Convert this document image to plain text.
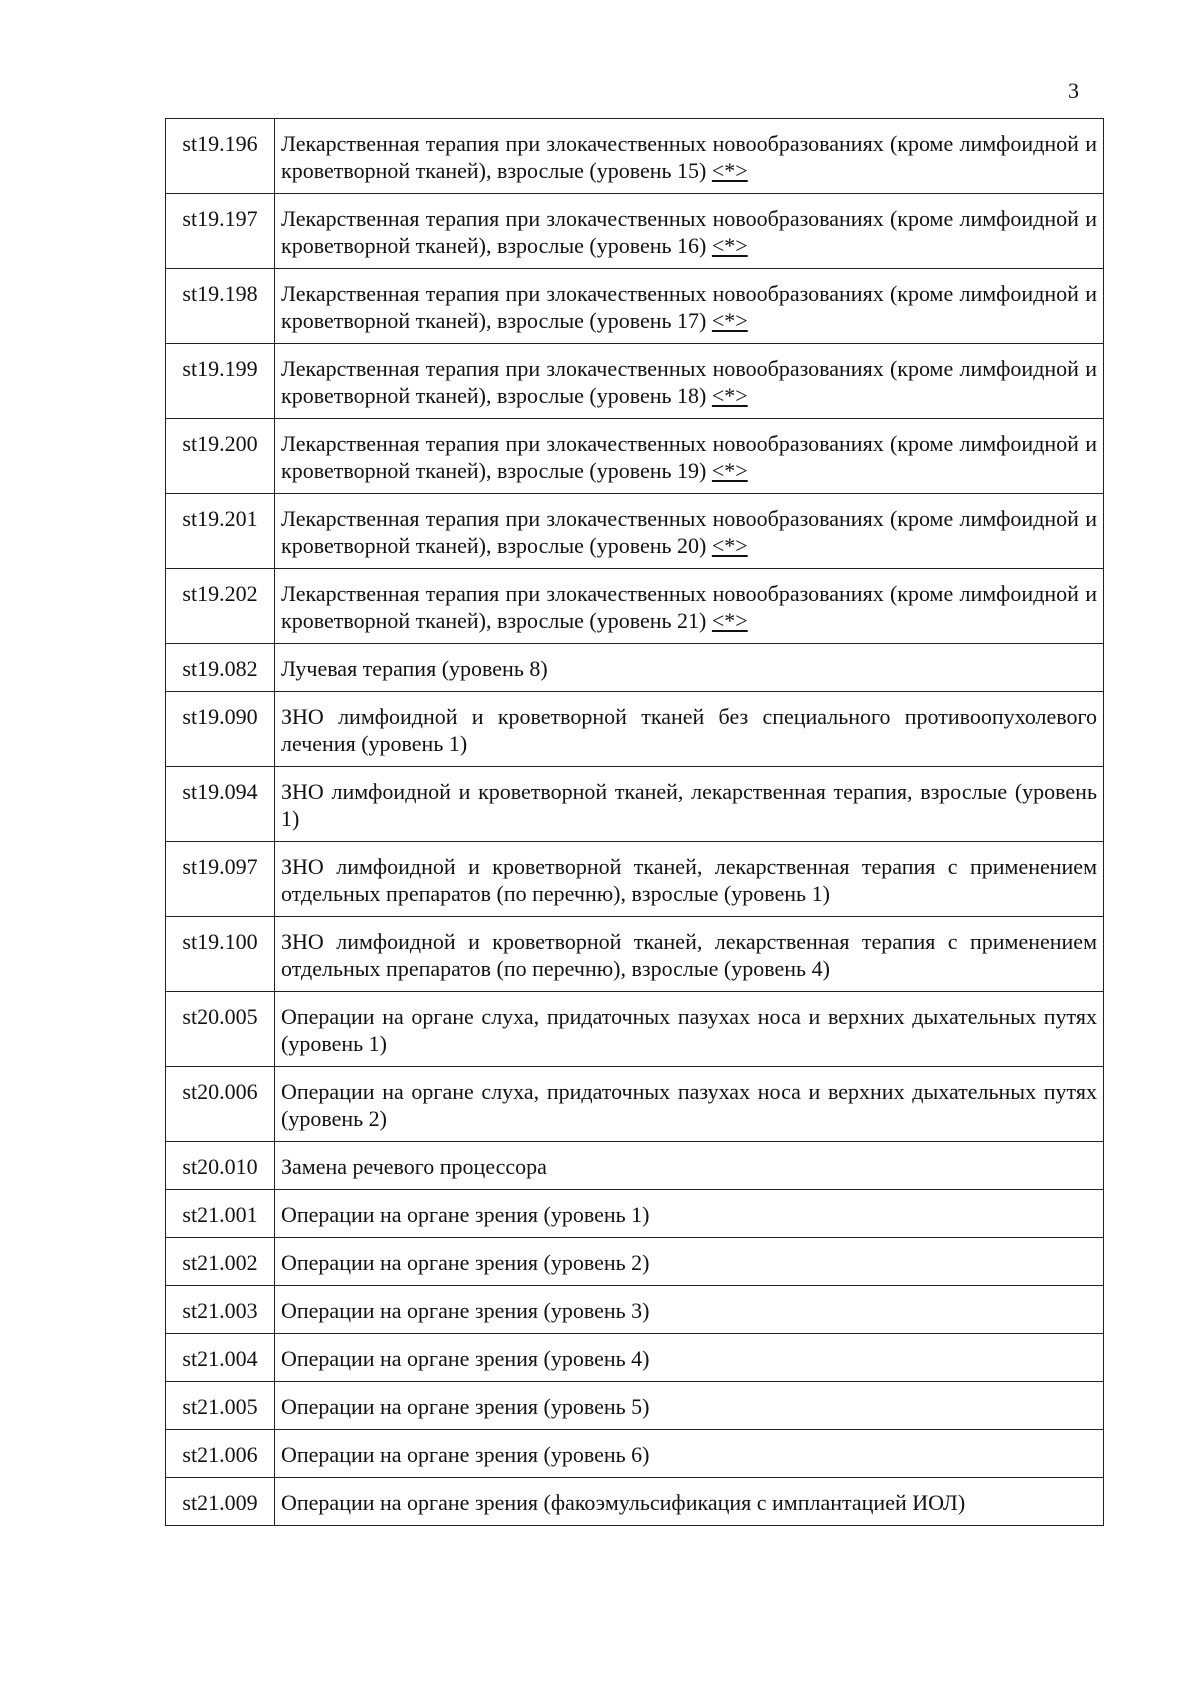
3
st19.196	Лекарственная терапия при злокачественных новообразованиях (кроме лимфоидной и кроветворной тканей), взрослые (уровень 15) <*>
st19.197	Лекарственная терапия при злокачественных новообразованиях (кроме лимфоидной и кроветворной тканей), взрослые (уровень 16) <*>
st19.198	Лекарственная терапия при злокачественных новообразованиях (кроме лимфоидной и кроветворной тканей), взрослые (уровень 17) <*>
st19.199	Лекарственная терапия при злокачественных новообразованиях (кроме лимфоидной и кроветворной тканей), взрослые (уровень 18) <*>
st19.200	Лекарственная терапия при злокачественных новообразованиях (кроме лимфоидной и кроветворной тканей), взрослые (уровень 19) <*>
st19.201	Лекарственная терапия при злокачественных новообразованиях (кроме лимфоидной и кроветворной тканей), взрослые (уровень 20) <*>
st19.202	Лекарственная терапия при злокачественных новообразованиях (кроме лимфоидной и кроветворной тканей), взрослые (уровень 21) <*>
st19.082	Лучевая терапия (уровень 8)
st19.090	ЗНО лимфоидной и кроветворной тканей без специального противоопухолевого лечения (уровень 1)
st19.094	ЗНО лимфоидной и кроветворной тканей, лекарственная терапия, взрослые (уровень 1)
st19.097	ЗНО лимфоидной и кроветворной тканей, лекарственная терапия с применением отдельных препаратов (по перечню), взрослые (уровень 1)
st19.100	ЗНО лимфоидной и кроветворной тканей, лекарственная терапия с применением отдельных препаратов (по перечню), взрослые (уровень 4)
st20.005	Операции на органе слуха, придаточных пазухах носа и верхних дыхательных путях (уровень 1)
st20.006	Операции на органе слуха, придаточных пазухах носа и верхних дыхательных путях (уровень 2)
st20.010	Замена речевого процессора
st21.001	Операции на органе зрения (уровень 1)
st21.002	Операции на органе зрения (уровень 2)
st21.003	Операции на органе зрения (уровень 3)
st21.004	Операции на органе зрения (уровень 4)
st21.005	Операции на органе зрения (уровень 5)
st21.006	Операции на органе зрения (уровень 6)
st21.009	Операции на органе зрения (факоэмульсификация с имплантацией ИОЛ)
